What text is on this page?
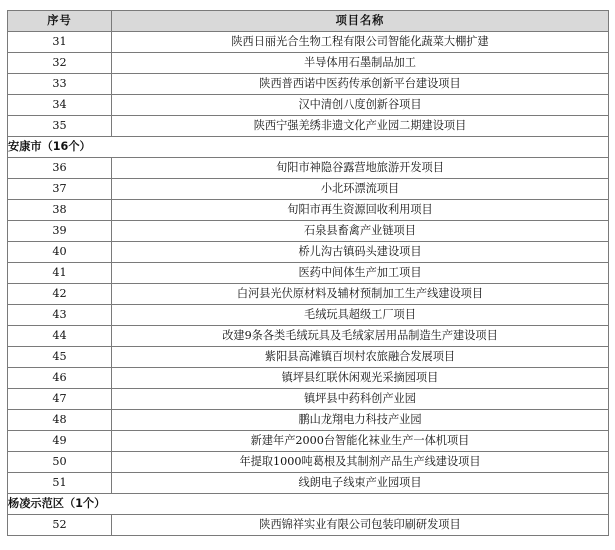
序号	项目名称
31	陕西日丽光合生物工程有限公司智能化蔬菜大棚扩建
32	半导体用石墨制品加工
33	陕西普西诺中医药传承创新平台建设项目
34	汉中清创八度创新谷项目
35	陕西宁强羌绣非遗文化产业园二期建设项目
安康市（16个）	
36	旬阳市神隐谷露营地旅游开发项目
37	小北环漂流项目
38	旬阳市再生资源回收利用项目
39	石泉县畜禽产业链项目
40	桥儿沟古镇码头建设项目
41	医药中间体生产加工项目
42	白河县光伏原材料及辅材预制加工生产线建设项目
43	毛绒玩具超级工厂项目
44	改建9条各类毛绒玩具及毛绒家居用品制造生产建设项目
45	紫阳县高滩镇百坝村农旅融合发展项目
46	镇坪县红联休闲观光采摘园项目
47	镇坪县中药科创产业园
48	鹏山龙翔电力科技产业园
49	新建年产2000台智能化袜业生产一体机项目
50	年提取1000吨葛根及其制剂产品生产线建设项目
51	线朗电子线束产业园项目
杨凌示范区（1个）	
52	陕西锦祥实业有限公司包装印刷研发项目
